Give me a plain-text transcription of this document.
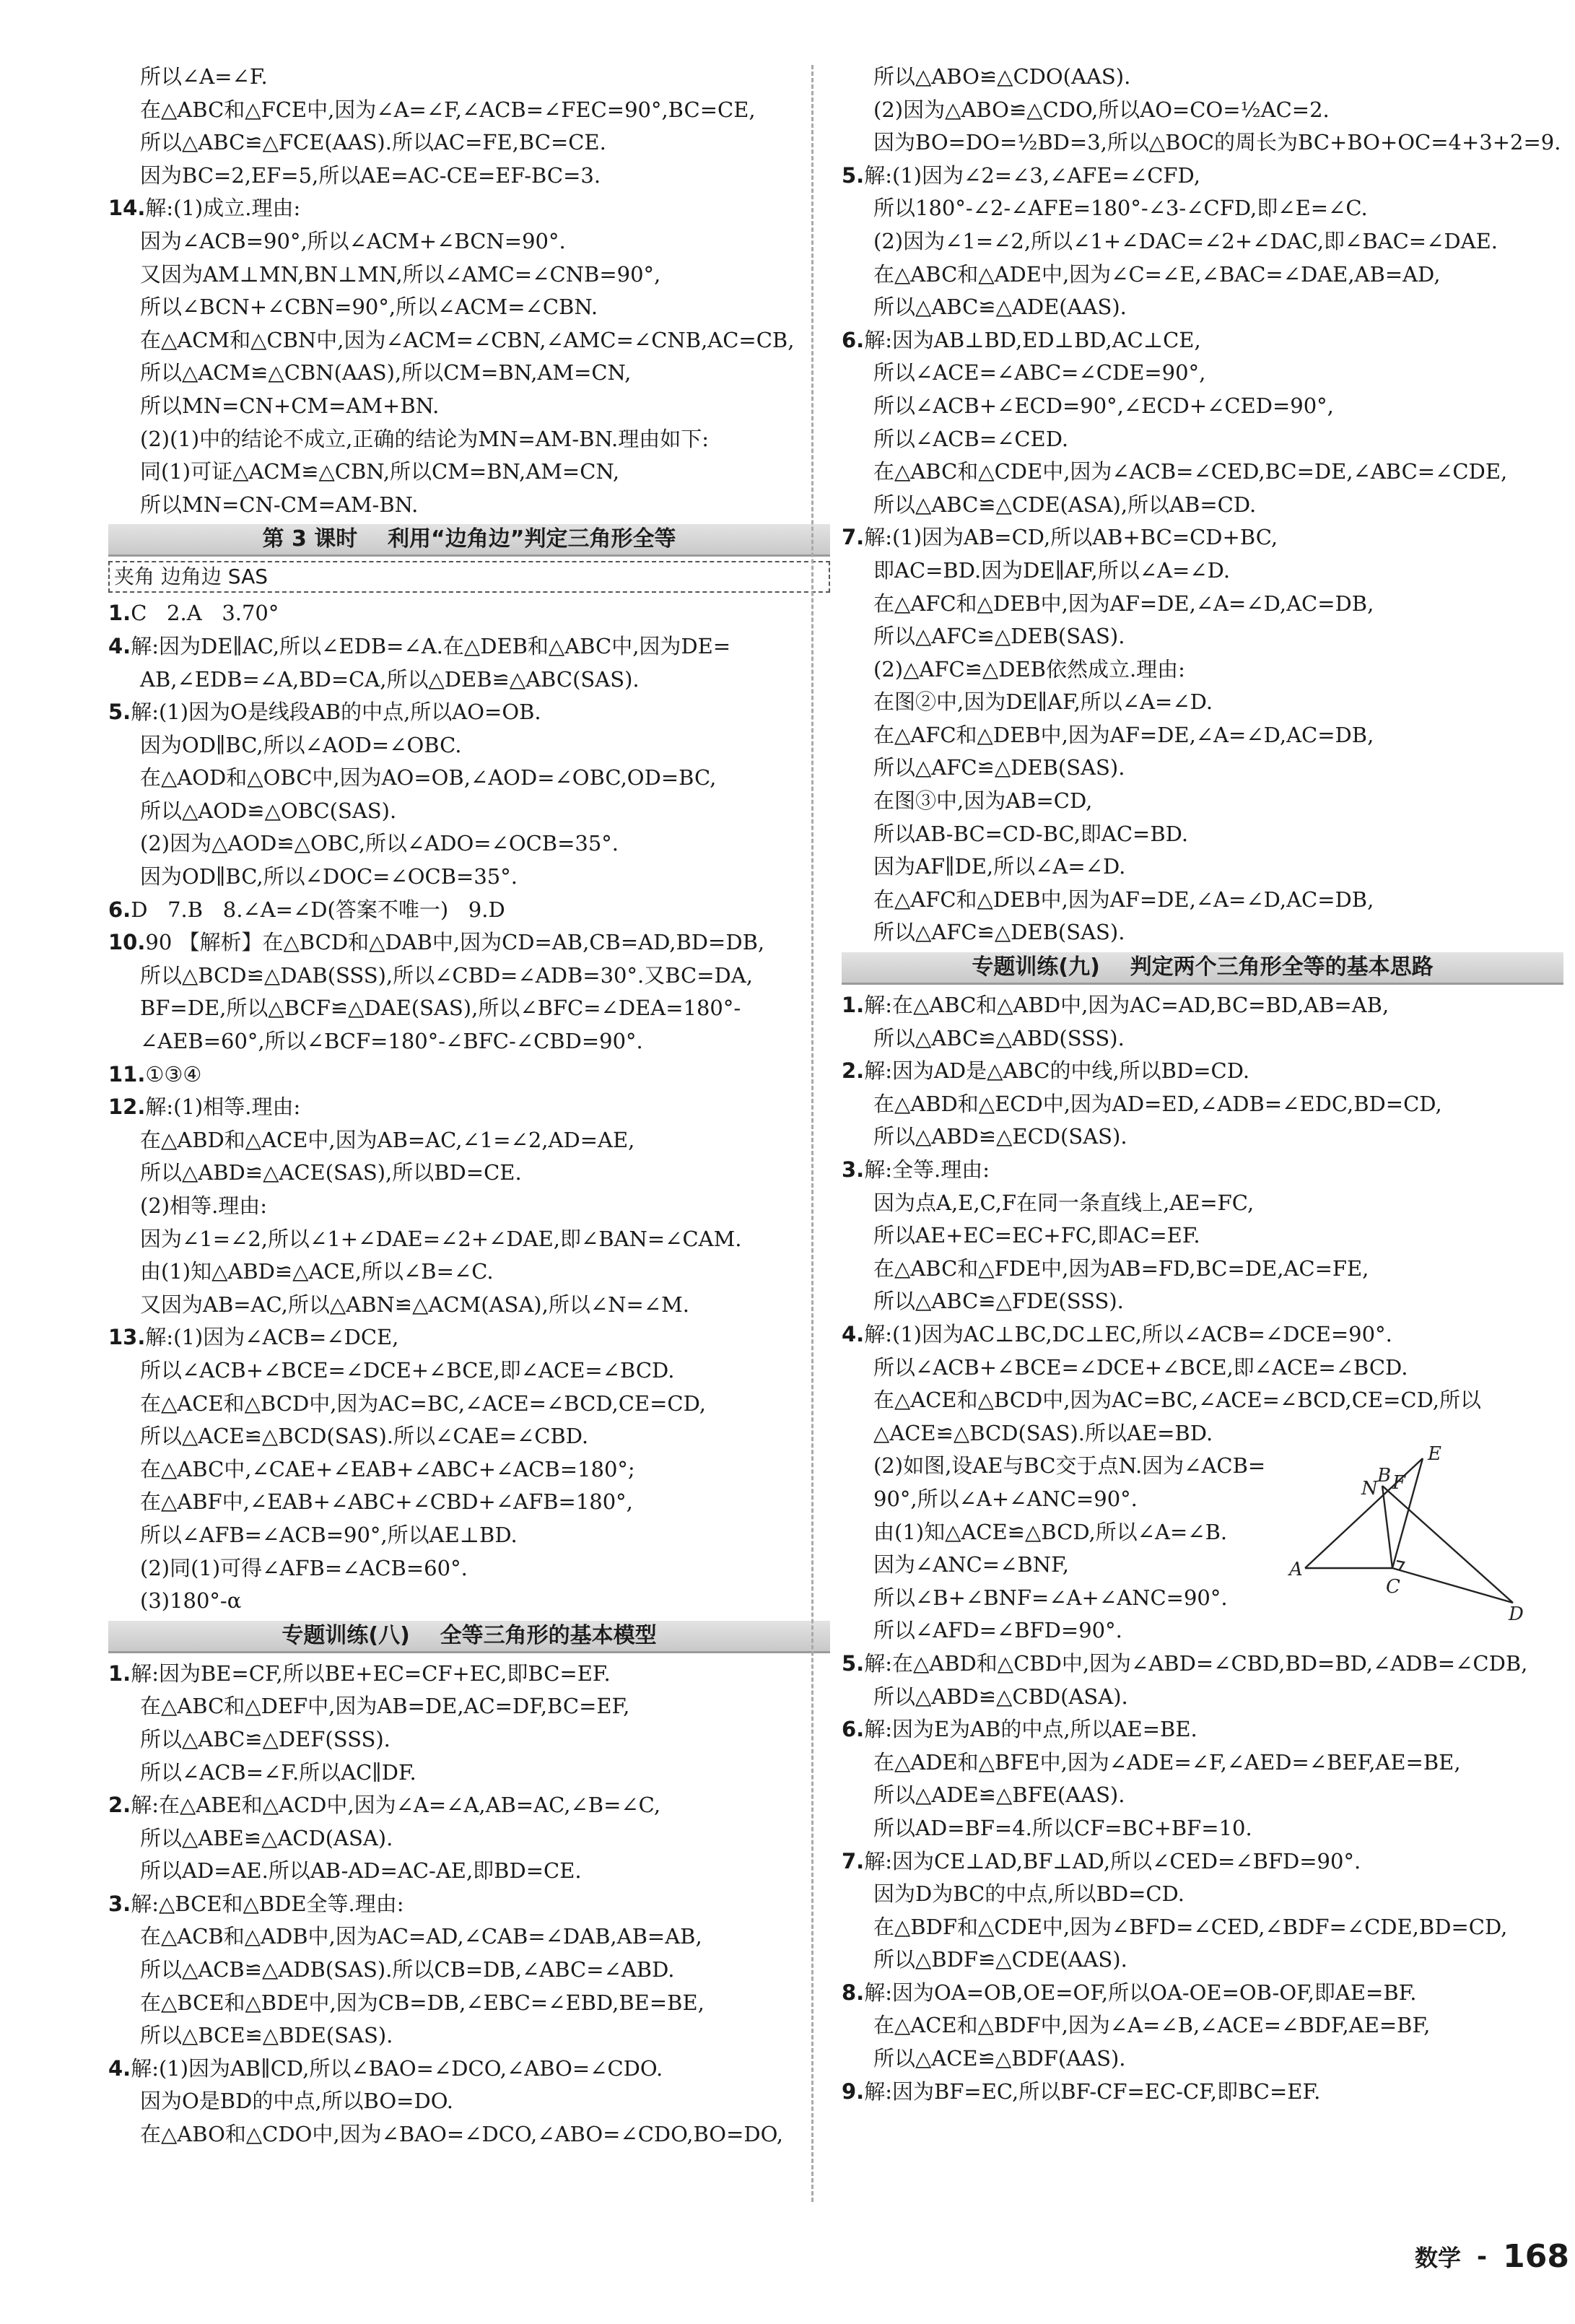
所以∠A=∠F.
在△ABC和△FCE中,因为∠A=∠F,∠ACB=∠FEC=90°,BC=CE,
所以△ABC≌△FCE(AAS).所以AC=FE,BC=CE.
因为BC=2,EF=5,所以AE=AC-CE=EF-BC=3.
14.解:(1)成立.理由:
因为∠ACB=90°,所以∠ACM+∠BCN=90°.
又因为AM⊥MN,BN⊥MN,所以∠AMC=∠CNB=90°,
所以∠BCN+∠CBN=90°,所以∠ACM=∠CBN.
在△ACM和△CBN中,因为∠ACM=∠CBN,∠AMC=∠CNB,AC=CB,
所以△ACM≌△CBN(AAS),所以CM=BN,AM=CN,
所以MN=CN+CM=AM+BN.
(2)(1)中的结论不成立,正确的结论为MN=AM-BN.理由如下:
同(1)可证△ACM≌△CBN,所以CM=BN,AM=CN,
所以MN=CN-CM=AM-BN.
第 3 课时    利用“边角边”判定三角形全等
夹角 边角边 SAS
1.C   2.A   3.70°
4.解:因为DE∥AC,所以∠EDB=∠A.在△DEB和△ABC中,因为DE=
AB,∠EDB=∠A,BD=CA,所以△DEB≌△ABC(SAS).
5.解:(1)因为O是线段AB的中点,所以AO=OB.
因为OD∥BC,所以∠AOD=∠OBC.
在△AOD和△OBC中,因为AO=OB,∠AOD=∠OBC,OD=BC,
所以△AOD≌△OBC(SAS).
(2)因为△AOD≌△OBC,所以∠ADO=∠OCB=35°.
因为OD∥BC,所以∠DOC=∠OCB=35°.
6.D   7.B   8.∠A=∠D(答案不唯一)   9.D
10.90 【解析】在△BCD和△DAB中,因为CD=AB,CB=AD,BD=DB,
所以△BCD≌△DAB(SSS),所以∠CBD=∠ADB=30°.又BC=DA,
BF=DE,所以△BCF≌△DAE(SAS),所以∠BFC=∠DEA=180°-
∠AEB=60°,所以∠BCF=180°-∠BFC-∠CBD=90°.
11.①③④
12.解:(1)相等.理由:
在△ABD和△ACE中,因为AB=AC,∠1=∠2,AD=AE,
所以△ABD≌△ACE(SAS),所以BD=CE.
(2)相等.理由:
因为∠1=∠2,所以∠1+∠DAE=∠2+∠DAE,即∠BAN=∠CAM.
由(1)知△ABD≌△ACE,所以∠B=∠C.
又因为AB=AC,所以△ABN≌△ACM(ASA),所以∠N=∠M.
13.解:(1)因为∠ACB=∠DCE,
所以∠ACB+∠BCE=∠DCE+∠BCE,即∠ACE=∠BCD.
在△ACE和△BCD中,因为AC=BC,∠ACE=∠BCD,CE=CD,
所以△ACE≌△BCD(SAS).所以∠CAE=∠CBD.
在△ABC中,∠CAE+∠EAB+∠ABC+∠ACB=180°;
在△ABF中,∠EAB+∠ABC+∠CBD+∠AFB=180°,
所以∠AFB=∠ACB=90°,所以AE⊥BD.
(2)同(1)可得∠AFB=∠ACB=60°.
(3)180°-α
专题训练(八)    全等三角形的基本模型
1.解:因为BE=CF,所以BE+EC=CF+EC,即BC=EF.
在△ABC和△DEF中,因为AB=DE,AC=DF,BC=EF,
所以△ABC≌△DEF(SSS).
所以∠ACB=∠F.所以AC∥DF.
2.解:在△ABE和△ACD中,因为∠A=∠A,AB=AC,∠B=∠C,
所以△ABE≌△ACD(ASA).
所以AD=AE.所以AB-AD=AC-AE,即BD=CE.
3.解:△BCE和△BDE全等.理由:
在△ACB和△ADB中,因为AC=AD,∠CAB=∠DAB,AB=AB,
所以△ACB≌△ADB(SAS).所以CB=DB,∠ABC=∠ABD.
在△BCE和△BDE中,因为CB=DB,∠EBC=∠EBD,BE=BE,
所以△BCE≌△BDE(SAS).
4.解:(1)因为AB∥CD,所以∠BAO=∠DCO,∠ABO=∠CDO.
因为O是BD的中点,所以BO=DO.
在△ABO和△CDO中,因为∠BAO=∠DCO,∠ABO=∠CDO,BO=DO,
所以△ABO≌△CDO(AAS).
(2)因为△ABO≌△CDO,所以AO=CO=½AC=2.
因为BO=DO=½BD=3,所以△BOC的周长为BC+BO+OC=4+3+2=9.
5.解:(1)因为∠2=∠3,∠AFE=∠CFD,
所以180°-∠2-∠AFE=180°-∠3-∠CFD,即∠E=∠C.
(2)因为∠1=∠2,所以∠1+∠DAC=∠2+∠DAC,即∠BAC=∠DAE.
在△ABC和△ADE中,因为∠C=∠E,∠BAC=∠DAE,AB=AD,
所以△ABC≌△ADE(AAS).
6.解:因为AB⊥BD,ED⊥BD,AC⊥CE,
所以∠ACE=∠ABC=∠CDE=90°,
所以∠ACB+∠ECD=90°,∠ECD+∠CED=90°,
所以∠ACB=∠CED.
在△ABC和△CDE中,因为∠ACB=∠CED,BC=DE,∠ABC=∠CDE,
所以△ABC≌△CDE(ASA),所以AB=CD.
7.解:(1)因为AB=CD,所以AB+BC=CD+BC,
即AC=BD.因为DE∥AF,所以∠A=∠D.
在△AFC和△DEB中,因为AF=DE,∠A=∠D,AC=DB,
所以△AFC≌△DEB(SAS).
(2)△AFC≌△DEB依然成立.理由:
在图②中,因为DE∥AF,所以∠A=∠D.
在△AFC和△DEB中,因为AF=DE,∠A=∠D,AC=DB,
所以△AFC≌△DEB(SAS).
在图③中,因为AB=CD,
所以AB-BC=CD-BC,即AC=BD.
因为AF∥DE,所以∠A=∠D.
在△AFC和△DEB中,因为AF=DE,∠A=∠D,AC=DB,
所以△AFC≌△DEB(SAS).
专题训练(九)    判定两个三角形全等的基本思路
1.解:在△ABC和△ABD中,因为AC=AD,BC=BD,AB=AB,
所以△ABC≌△ABD(SSS).
2.解:因为AD是△ABC的中线,所以BD=CD.
在△ABD和△ECD中,因为AD=ED,∠ADB=∠EDC,BD=CD,
所以△ABD≌△ECD(SAS).
3.解:全等.理由:
因为点A,E,C,F在同一条直线上,AE=FC,
所以AE+EC=EC+FC,即AC=EF.
在△ABC和△FDE中,因为AB=FD,BC=DE,AC=FE,
所以△ABC≌△FDE(SSS).
4.解:(1)因为AC⊥BC,DC⊥EC,所以∠ACB=∠DCE=90°.
所以∠ACB+∠BCE=∠DCE+∠BCE,即∠ACE=∠BCD.
在△ACE和△BCD中,因为AC=BC,∠ACE=∠BCD,CE=CD,所以
△ACE≌△BCD(SAS).所以AE=BD.
(2)如图,设AE与BC交于点N.因为∠ACB=
90°,所以∠A+∠ANC=90°.
由(1)知△ACE≌△BCD,所以∠A=∠B.
因为∠ANC=∠BNF,
所以∠B+∠BNF=∠A+∠ANC=90°.
A
N
B F
E
C
D
所以∠AFD=∠BFD=90°.
5.解:在△ABD和△CBD中,因为∠ABD=∠CBD,BD=BD,∠ADB=∠CDB,
所以△ABD≌△CBD(ASA).
6.解:因为E为AB的中点,所以AE=BE.
在△ADE和△BFE中,因为∠ADE=∠F,∠AED=∠BEF,AE=BE,
所以△ADE≌△BFE(AAS).
所以AD=BF=4.所以CF=BC+BF=10.
7.解:因为CE⊥AD,BF⊥AD,所以∠CED=∠BFD=90°.
因为D为BC的中点,所以BD=CD.
在△BDF和△CDE中,因为∠BFD=∠CED,∠BDF=∠CDE,BD=CD,
所以△BDF≌△CDE(AAS).
8.解:因为OA=OB,OE=OF,所以OA-OE=OB-OF,即AE=BF.
在△ACE和△BDF中,因为∠A=∠B,∠ACE=∠BDF,AE=BF,
所以△ACE≌△BDF(AAS).
9.解:因为BF=EC,所以BF-CF=EC-CF,即BC=EF.

数学 - 168
